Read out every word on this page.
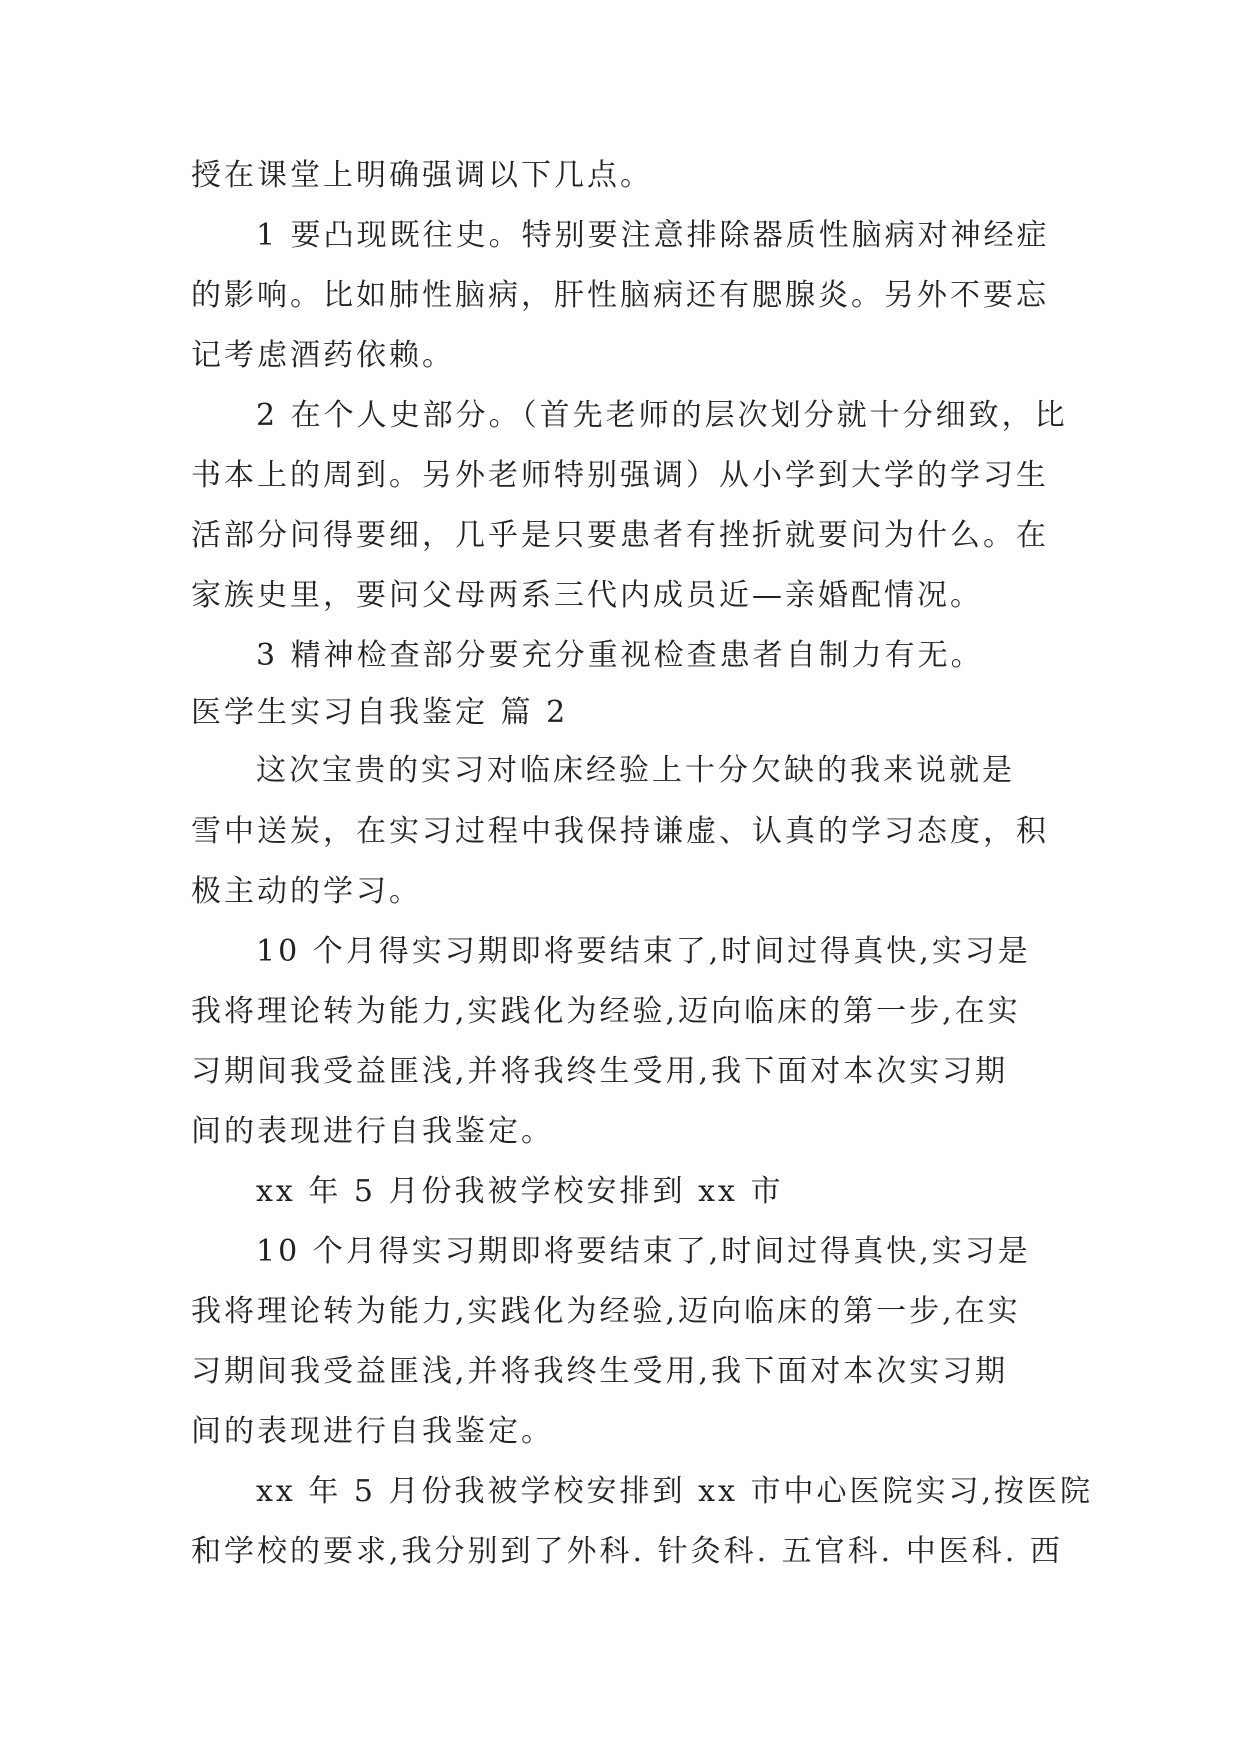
授在课堂上明确强调以下几点。
1 要凸现既往史。特别要注意排除器质性脑病对神经症
的影响。比如肺性脑病，肝性脑病还有腮腺炎。另外不要忘
记考虑酒药依赖。
2 在个人史部分。（首先老师的层次划分就十分细致，比
书本上的周到。另外老师特别强调）从小学到大学的学习生
活部分问得要细，几乎是只要患者有挫折就要问为什么。在
家族史里，要问父母两系三代内成员近—亲婚配情况。
3 精神检查部分要充分重视检查患者自制力有无。
医学生实习自我鉴定 篇 2
这次宝贵的实习对临床经验上十分欠缺的我来说就是
雪中送炭，在实习过程中我保持谦虚、认真的学习态度，积
极主动的学习。
10 个月得实习期即将要结束了,时间过得真快,实习是
我将理论转为能力,实践化为经验,迈向临床的第一步,在实
习期间我受益匪浅,并将我终生受用,我下面对本次实习期
间的表现进行自我鉴定。
xx 年 5 月份我被学校安排到 xx 市
10 个月得实习期即将要结束了,时间过得真快,实习是
我将理论转为能力,实践化为经验,迈向临床的第一步,在实
习期间我受益匪浅,并将我终生受用,我下面对本次实习期
间的表现进行自我鉴定。
xx 年 5 月份我被学校安排到 xx 市中心医院实习,按医院
和学校的要求,我分别到了外科. 针灸科. 五官科. 中医科. 西
